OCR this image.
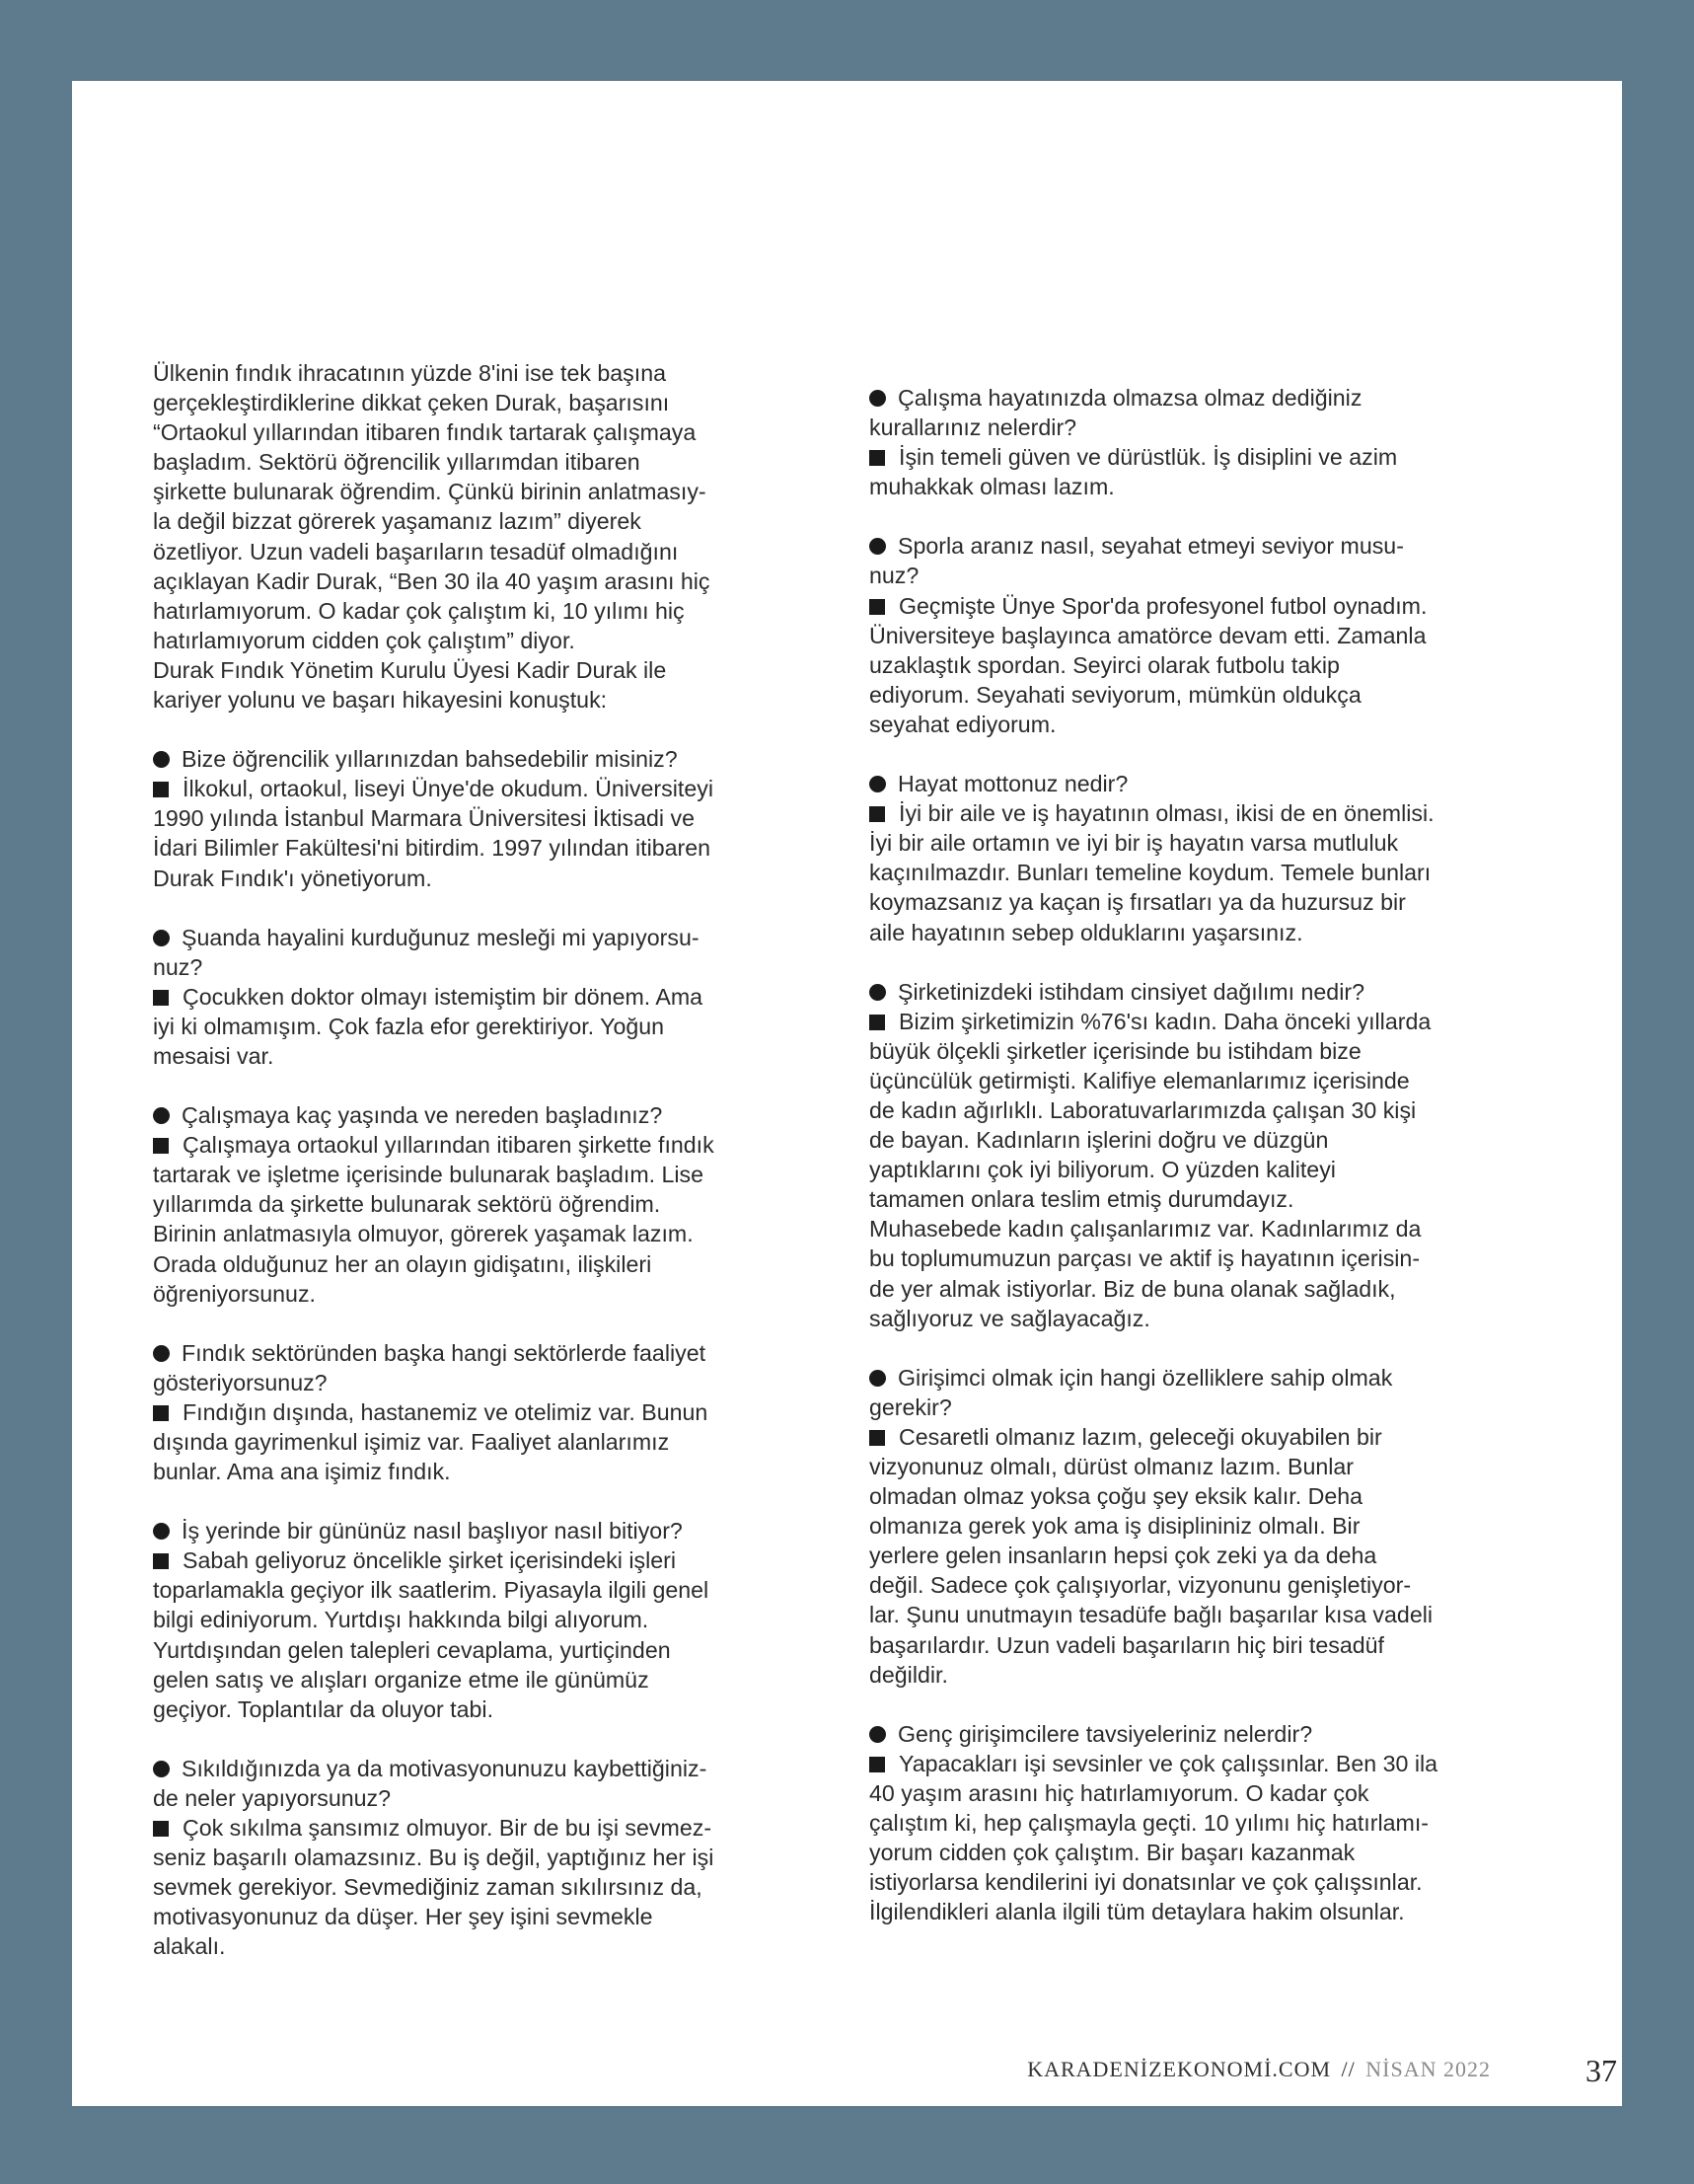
Ülkenin fındık ihracatının yüzde 8'ini ise tek başına
gerçekleştirdiklerine dikkat çeken Durak, başarısını
“Ortaokul yıllarından itibaren fındık tartarak çalışmaya
başladım. Sektörü öğrencilik yıllarımdan itibaren
şirkette bulunarak öğrendim. Çünkü birinin anlatmasıy-
la değil bizzat görerek yaşamanız lazım” diyerek
özetliyor. Uzun vadeli başarıların tesadüf olmadığını
açıklayan Kadir Durak, “Ben 30 ila 40 yaşım arasını hiç
hatırlamıyorum. O kadar çok çalıştım ki, 10 yılımı hiç
hatırlamıyorum cidden çok çalıştım” diyor.
Durak Fındık Yönetim Kurulu Üyesi Kadir Durak ile
kariyer yolunu ve başarı hikayesini konuştuk:

Bize öğrencilik yıllarınızdan bahsedebilir misiniz?

İlkokul, ortaokul, liseyi Ünye'de okudum. Üniversiteyi
1990 yılında İstanbul Marmara Üniversitesi İktisadi ve
İdari Bilimler Fakültesi'ni bitirdim. 1997 yılından itibaren
Durak Fındık'ı yönetiyorum.

Şuanda hayalini kurduğunuz mesleği mi yapıyorsu-
nuz?

Çocukken doktor olmayı istemiştim bir dönem. Ama
iyi ki olmamışım. Çok fazla efor gerektiriyor. Yoğun
mesaisi var.

Çalışmaya kaç yaşında ve nereden başladınız?

Çalışmaya ortaokul yıllarından itibaren şirkette fındık
tartarak ve işletme içerisinde bulunarak başladım. Lise
yıllarımda da şirkette bulunarak sektörü öğrendim.
Birinin anlatmasıyla olmuyor, görerek yaşamak lazım.
Orada olduğunuz her an olayın gidişatını, ilişkileri
öğreniyorsunuz.

Fındık sektöründen başka hangi sektörlerde faaliyet
gösteriyorsunuz?

Fındığın dışında, hastanemiz ve otelimiz var. Bunun
dışında gayrimenkul işimiz var. Faaliyet alanlarımız
bunlar. Ama ana işimiz fındık.

İş yerinde bir gününüz nasıl başlıyor nasıl bitiyor?

Sabah geliyoruz öncelikle şirket içerisindeki işleri
toparlamakla geçiyor ilk saatlerim. Piyasayla ilgili genel
bilgi ediniyorum. Yurtdışı hakkında bilgi alıyorum.
Yurtdışından gelen talepleri cevaplama, yurtiçinden
gelen satış ve alışları organize etme ile günümüz
geçiyor. Toplantılar da oluyor tabi.

Sıkıldığınızda ya da motivasyonunuzu kaybettiğiniz-
de neler yapıyorsunuz?

Çok sıkılma şansımız olmuyor. Bir de bu işi sevmez-
seniz başarılı olamazsınız. Bu iş değil, yaptığınız her işi
sevmek gerekiyor. Sevmediğiniz zaman sıkılırsınız da,
motivasyonunuz da düşer. Her şey işini sevmekle
alakalı.

Çalışma hayatınızda olmazsa olmaz dediğiniz
kurallarınız nelerdir?

İşin temeli güven ve dürüstlük. İş disiplini ve azim
muhakkak olması lazım.

Sporla aranız nasıl, seyahat etmeyi seviyor musu-
nuz?

Geçmişte Ünye Spor'da profesyonel futbol oynadım.
Üniversiteye başlayınca amatörce devam etti. Zamanla
uzaklaştık spordan. Seyirci olarak futbolu takip
ediyorum. Seyahati seviyorum, mümkün oldukça
seyahat ediyorum.

Hayat mottonuz nedir?

İyi bir aile ve iş hayatının olması, ikisi de en önemlisi.
İyi bir aile ortamın ve iyi bir iş hayatın varsa mutluluk
kaçınılmazdır. Bunları temeline koydum. Temele bunları
koymazsanız ya kaçan iş fırsatları ya da huzursuz bir
aile hayatının sebep olduklarını yaşarsınız.

Şirketinizdeki istihdam cinsiyet dağılımı nedir?

Bizim şirketimizin %76'sı kadın. Daha önceki yıllarda
büyük ölçekli şirketler içerisinde bu istihdam bize
üçüncülük getirmişti. Kalifiye elemanlarımız içerisinde
de kadın ağırlıklı. Laboratuvarlarımızda çalışan 30 kişi
de bayan. Kadınların işlerini doğru ve düzgün
yaptıklarını çok iyi biliyorum. O yüzden kaliteyi
tamamen onlara teslim etmiş durumdayız.
Muhasebede kadın çalışanlarımız var. Kadınlarımız da
bu toplumumuzun parçası ve aktif iş hayatının içerisin-
de yer almak istiyorlar. Biz de buna olanak sağladık,
sağlıyoruz ve sağlayacağız.

Girişimci olmak için hangi özelliklere sahip olmak
gerekir?

Cesaretli olmanız lazım, geleceği okuyabilen bir
vizyonunuz olmalı, dürüst olmanız lazım. Bunlar
olmadan olmaz yoksa çoğu şey eksik kalır. Deha
olmanıza gerek yok ama iş disiplininiz olmalı. Bir
yerlere gelen insanların hepsi çok zeki ya da deha
değil. Sadece çok çalışıyorlar, vizyonunu genişletiyor-
lar. Şunu unutmayın tesadüfe bağlı başarılar kısa vadeli
başarılardır. Uzun vadeli başarıların hiç biri tesadüf
değildir.

Genç girişimcilere tavsiyeleriniz nelerdir?

Yapacakları işi sevsinler ve çok çalışsınlar. Ben 30 ila
40 yaşım arasını hiç hatırlamıyorum. O kadar çok
çalıştım ki, hep çalışmayla geçti. 10 yılımı hiç hatırlamı-
yorum cidden çok çalıştım. Bir başarı kazanmak
istiyorlarsa kendilerini iyi donatsınlar ve çok çalışsınlar.
İlgilendikleri alanla ilgili tüm detaylara hakim olsunlar.

KARADENİZEKONOMİ.COM // NİSAN 2022	37
